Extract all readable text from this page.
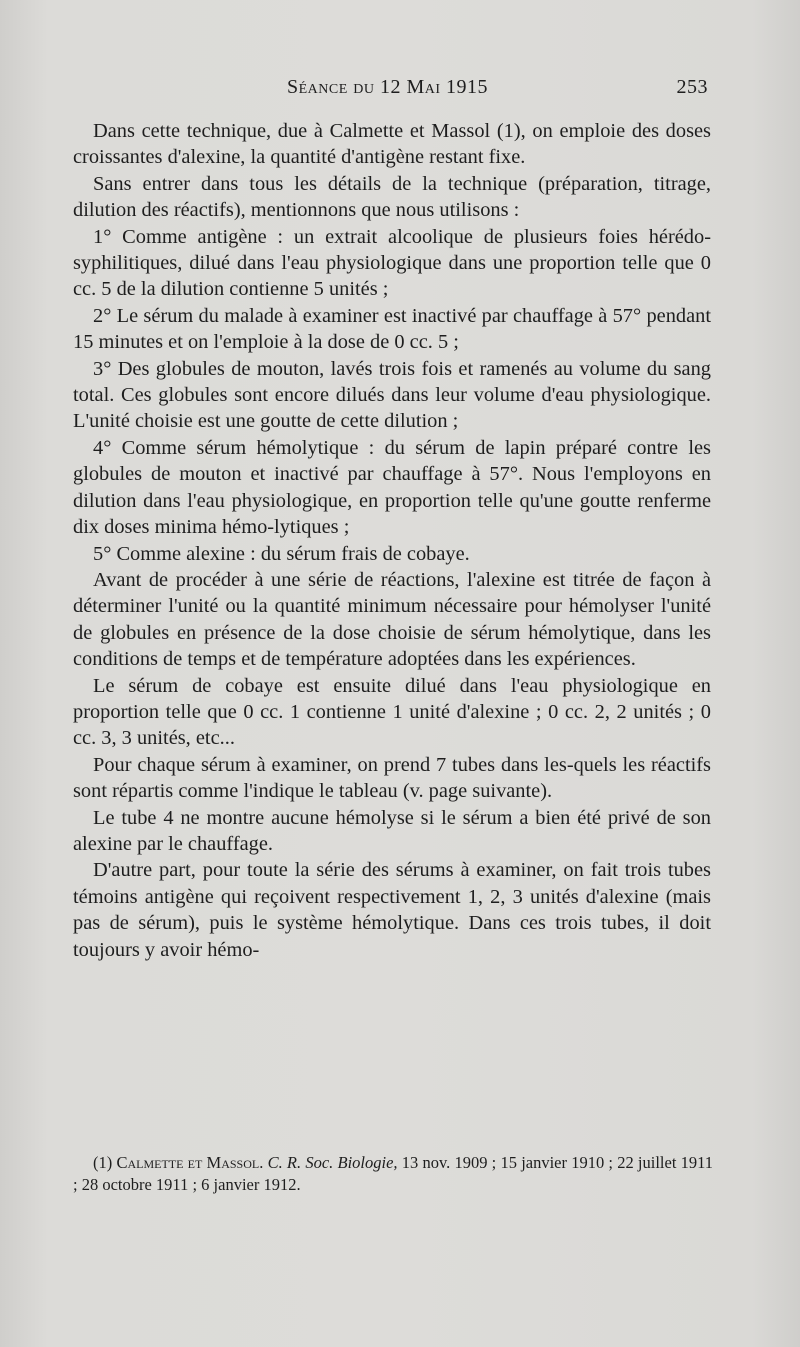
Séance du 12 Mai 1915	253

Dans cette technique, due à Calmette et Massol (1), on emploie des doses croissantes d'alexine, la quantité d'antigène restant fixe.

Sans entrer dans tous les détails de la technique (préparation, titrage, dilution des réactifs), mentionnons que nous utilisons :

1° Comme antigène : un extrait alcoolique de plusieurs foies hérédo-syphilitiques, dilué dans l'eau physiologique dans une proportion telle que 0 cc. 5 de la dilution contienne 5 unités ;

2° Le sérum du malade à examiner est inactivé par chauffage à 57° pendant 15 minutes et on l'emploie à la dose de 0 cc. 5 ;

3° Des globules de mouton, lavés trois fois et ramenés au volume du sang total. Ces globules sont encore dilués dans leur volume d'eau physiologique. L'unité choisie est une goutte de cette dilution ;

4° Comme sérum hémolytique : du sérum de lapin préparé contre les globules de mouton et inactivé par chauffage à 57°. Nous l'employons en dilution dans l'eau physiologique, en proportion telle qu'une goutte renferme dix doses minima hémo-lytiques ;

5° Comme alexine : du sérum frais de cobaye.

Avant de procéder à une série de réactions, l'alexine est titrée de façon à déterminer l'unité ou la quantité minimum nécessaire pour hémolyser l'unité de globules en présence de la dose choisie de sérum hémolytique, dans les conditions de temps et de température adoptées dans les expériences.

Le sérum de cobaye est ensuite dilué dans l'eau physiologique en proportion telle que 0 cc. 1 contienne 1 unité d'alexine ; 0 cc. 2, 2 unités ; 0 cc. 3, 3 unités, etc...

Pour chaque sérum à examiner, on prend 7 tubes dans les-quels les réactifs sont répartis comme l'indique le tableau (v. page suivante).

Le tube 4 ne montre aucune hémolyse si le sérum a bien été privé de son alexine par le chauffage.

D'autre part, pour toute la série des sérums à examiner, on fait trois tubes témoins antigène qui reçoivent respectivement 1, 2, 3 unités d'alexine (mais pas de sérum), puis le système hémolytique. Dans ces trois tubes, il doit toujours y avoir hémo-

(1) Calmette et Massol. C. R. Soc. Biologie, 13 nov. 1909 ; 15 janvier 1910 ; 22 juillet 1911 ; 28 octobre 1911 ; 6 janvier 1912.
